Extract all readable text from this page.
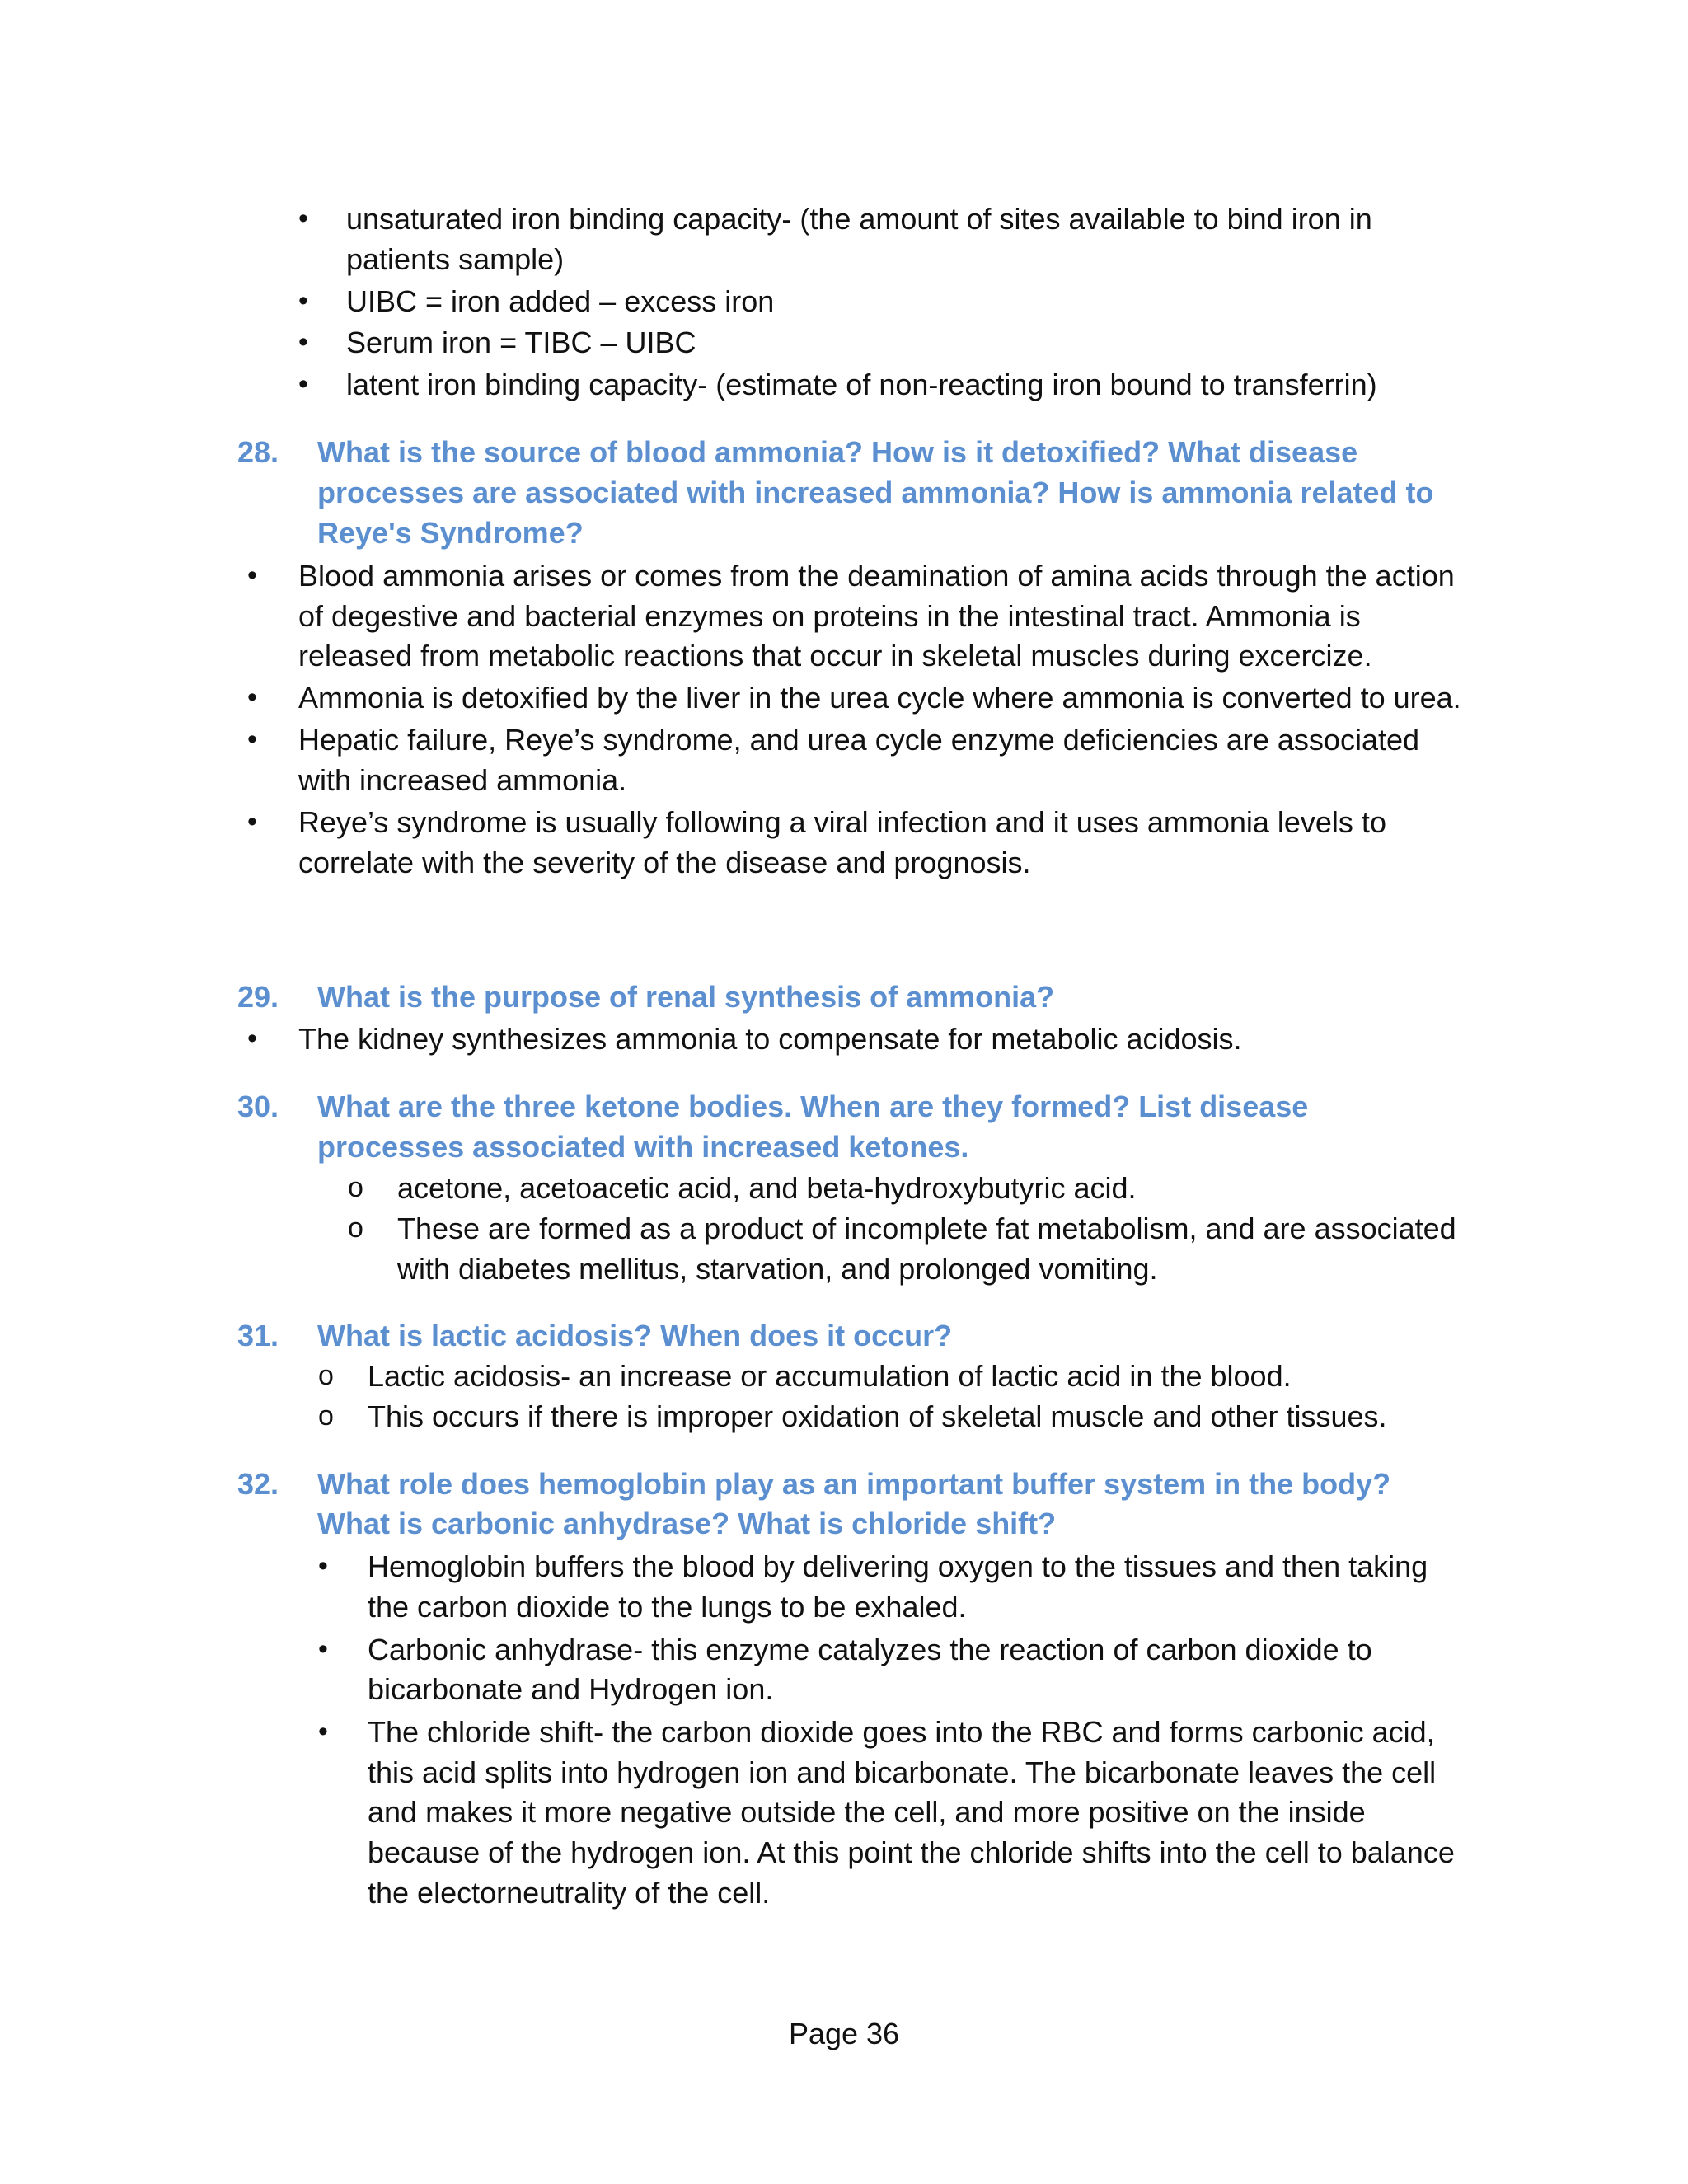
• unsaturated iron binding capacity- (the amount of sites available to bind iron in
patients sample)
• UIBC = iron added – excess iron
• Serum iron = TIBC – UIBC
• latent iron binding capacity- (estimate of non-reacting iron bound to transferrin)
28. What is the source of blood ammonia? How is it detoxified? What disease
processes are associated with increased ammonia? How is ammonia related to
Reye's Syndrome?
• Blood ammonia arises or comes from the deamination of amina acids through the action
of degestive and bacterial enzymes on proteins in the intestinal tract. Ammonia is
released from metabolic reactions that occur in skeletal muscles during excercize.
• Ammonia is detoxified by the liver in the urea cycle where ammonia is converted to urea.
• Hepatic failure, Reye’s syndrome, and urea cycle enzyme deficiencies are associated
with increased ammonia.
• Reye’s syndrome is usually following a viral infection and it uses ammonia levels to
correlate with the severity of the disease and prognosis.
29. What is the purpose of renal synthesis of ammonia?
• The kidney synthesizes ammonia to compensate for metabolic acidosis.
30. What are the three ketone bodies. When are they formed? List disease
processes associated with increased ketones.
o acetone, acetoacetic acid, and beta-hydroxybutyric acid.
o These are formed as a product of incomplete fat metabolism, and are associated
with diabetes mellitus, starvation, and prolonged vomiting.
31. What is lactic acidosis? When does it occur?
o Lactic acidosis- an increase or accumulation of lactic acid in the blood.
o This occurs if there is improper oxidation of skeletal muscle and other tissues.
32. What role does hemoglobin play as an important buffer system in the body?
What is carbonic anhydrase? What is chloride shift?
• Hemoglobin buffers the blood by delivering oxygen to the tissues and then taking
the carbon dioxide to the lungs to be exhaled.
• Carbonic anhydrase- this enzyme catalyzes the reaction of carbon dioxide to
bicarbonate and Hydrogen ion.
• The chloride shift- the carbon dioxide goes into the RBC and forms carbonic acid,
this acid splits into hydrogen ion and bicarbonate. The bicarbonate leaves the cell
and makes it more negative outside the cell, and more positive on the inside
because of the hydrogen ion. At this point the chloride shifts into the cell to balance
the electorneutrality of the cell.
Page 36
